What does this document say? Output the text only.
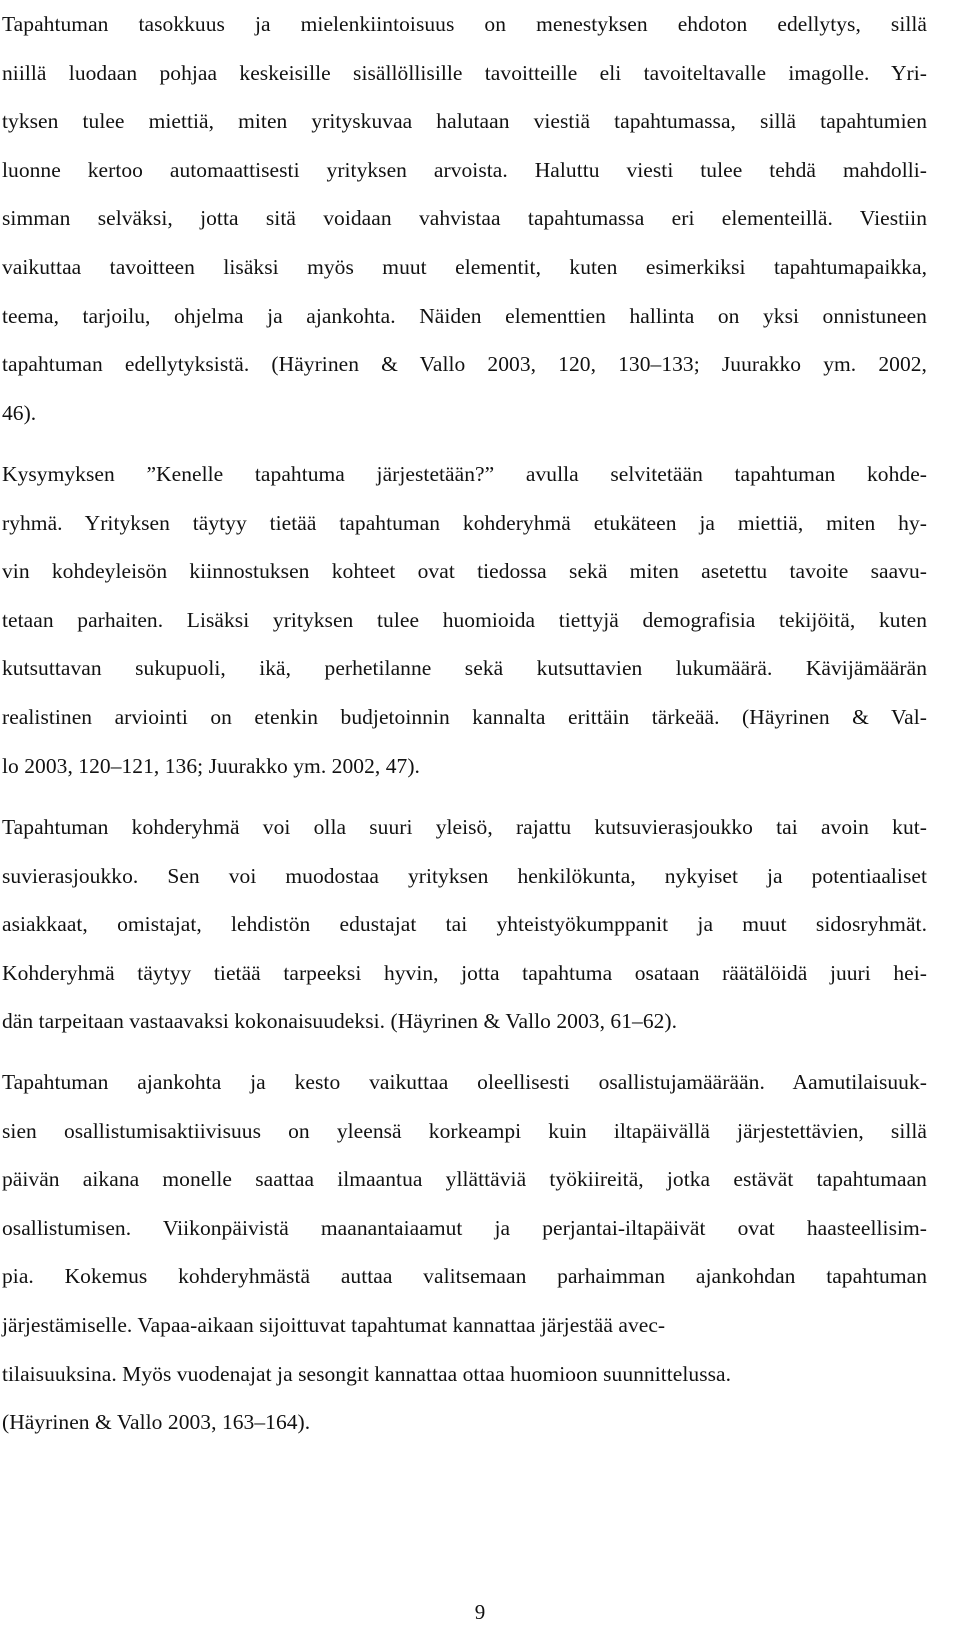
Tapahtuman tasokkuus ja mielenkiintoisuus on menestyksen ehdoton edellytys, sillä
niillä luodaan pohjaa keskeisille sisällöllisille tavoitteille eli tavoiteltavalle imagolle. Yri-
tyksen tulee miettiä, miten yrityskuvaa halutaan viestiä tapahtumassa, sillä tapahtumien
luonne kertoo automaattisesti yrityksen arvoista. Haluttu viesti tulee tehdä mahdolli-
simman selväksi, jotta sitä voidaan vahvistaa tapahtumassa eri elementeillä. Viestiin
vaikuttaa tavoitteen lisäksi myös muut elementit, kuten esimerkiksi tapahtumapaikka,
teema, tarjoilu, ohjelma ja ajankohta. Näiden elementtien hallinta on yksi onnistuneen
tapahtuman edellytyksistä. (Häyrinen & Vallo 2003, 120, 130–133; Juurakko ym. 2002,
46).
Kysymyksen ”Kenelle tapahtuma järjestetään?” avulla selvitetään tapahtuman kohde-
ryhmä. Yrityksen täytyy tietää tapahtuman kohderyhmä etukäteen ja miettiä, miten hy-
vin kohdeyleisön kiinnostuksen kohteet ovat tiedossa sekä miten asetettu tavoite saavu-
tetaan parhaiten. Lisäksi yrityksen tulee huomioida tiettyjä demografisia tekijöitä, kuten
kutsuttavan sukupuoli, ikä, perhetilanne sekä kutsuttavien lukumäärä. Kävijämäärän
realistinen arviointi on etenkin budjetoinnin kannalta erittäin tärkeää. (Häyrinen & Val-
lo 2003, 120–121, 136; Juurakko ym. 2002, 47).
Tapahtuman kohderyhmä voi olla suuri yleisö, rajattu kutsuvierasjoukko tai avoin kut-
suvierasjoukko. Sen voi muodostaa yrityksen henkilökunta, nykyiset ja potentiaaliset
asiakkaat, omistajat, lehdistön edustajat tai yhteistyökumppanit ja muut sidosryhmät.
Kohderyhmä täytyy tietää tarpeeksi hyvin, jotta tapahtuma osataan räätälöidä juuri hei-
dän tarpeitaan vastaavaksi kokonaisuudeksi. (Häyrinen & Vallo 2003, 61–62).
Tapahtuman ajankohta ja kesto vaikuttaa oleellisesti osallistujamäärään. Aamutilaisuuk-
sien osallistumisaktiivisuus on yleensä korkeampi kuin iltapäivällä järjestettävien, sillä
päivän aikana monelle saattaa ilmaantua yllättäviä työkiireitä, jotka estävät tapahtumaan
osallistumisen. Viikonpäivistä maanantaiaamut ja perjantai-iltapäivät ovat haasteellisim-
pia. Kokemus kohderyhmästä auttaa valitsemaan parhaimman ajankohdan tapahtuman
järjestämiselle. Vapaa-aikaan sijoittuvat tapahtumat kannattaa järjestää avec-
tilaisuuksina. Myös vuodenajat ja sesongit kannattaa ottaa huomioon suunnittelussa.
(Häyrinen & Vallo 2003, 163–164).
9
